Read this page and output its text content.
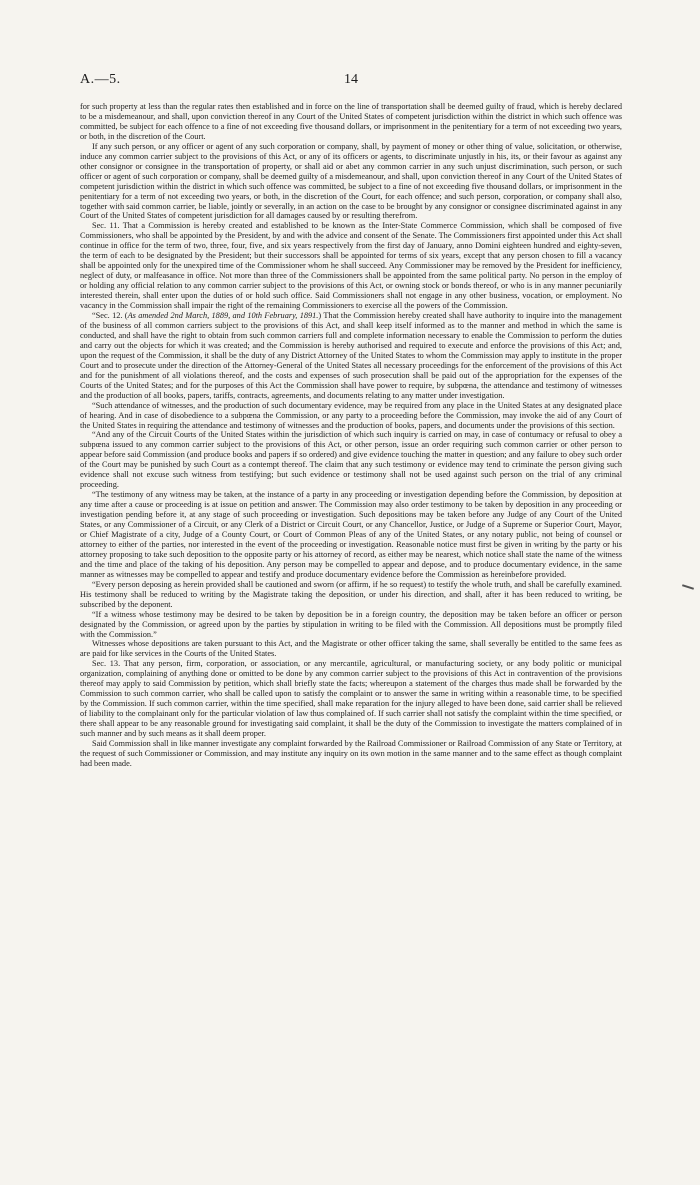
A.—5.	14

for such property at less than the regular rates then established and in force on the line of transportation shall be deemed guilty of fraud, which is hereby declared to be a misdemeanour, and shall, upon conviction thereof in any Court of the United States of competent jurisdiction within the district in which such offence was committed, be subject for each offence to a fine of not exceeding five thousand dollars, or imprisonment in the penitentiary for a term of not exceeding two years, or both, in the discretion of the Court.

If any such person, or any officer or agent of any such corporation or company, shall, by payment of money or other thing of value, solicitation, or otherwise, induce any common carrier subject to the provisions of this Act, or any of its officers or agents, to discriminate unjustly in his, its, or their favour as against any other consignor or consignee in the transportation of property, or shall aid or abet any common carrier in any such unjust discrimination, such person, or such officer or agent of such corporation or company, shall be deemed guilty of a misdemeanour, and shall, upon conviction thereof in any Court of the United States of competent jurisdiction within the district in which such offence was committed, be subject to a fine of not exceeding five thousand dollars, or imprisonment in the penitentiary for a term of not exceeding two years, or both, in the discretion of the Court, for each offence; and such person, corporation, or company shall also, together with said common carrier, be liable, jointly or severally, in an action on the case to be brought by any consignor or consignee discriminated against in any Court of the United States of competent jurisdiction for all damages caused by or resulting therefrom.

Sec. 11. That a Commission is hereby created and established to be known as the Inter-State Commerce Commission, which shall be composed of five Commissioners, who shall be appointed by the President, by and with the advice and consent of the Senate. The Commissioners first appointed under this Act shall continue in office for the term of two, three, four, five, and six years respectively from the first day of January, anno Domini eighteen hundred and eighty-seven, the term of each to be designated by the President; but their successors shall be appointed for terms of six years, except that any person chosen to fill a vacancy shall be appointed only for the unexpired time of the Commissioner whom he shall succeed. Any Commissioner may be removed by the President for inefficiency, neglect of duty, or malfeasance in office. Not more than three of the Commissioners shall be appointed from the same political party. No person in the employ of or holding any official relation to any common carrier subject to the provisions of this Act, or owning stock or bonds thereof, or who is in any manner pecuniarily interested therein, shall enter upon the duties of or hold such office. Said Commissioners shall not engage in any other business, vocation, or employment. No vacancy in the Commission shall impair the right of the remaining Commissioners to exercise all the powers of the Commission.

“Sec. 12. (As amended 2nd March, 1889, and 10th February, 1891.) That the Commission hereby created shall have authority to inquire into the management of the business of all common carriers subject to the provisions of this Act, and shall keep itself informed as to the manner and method in which the same is conducted, and shall have the right to obtain from such common carriers full and complete information necessary to enable the Commission to perform the duties and carry out the objects for which it was created; and the Commission is hereby authorised and required to execute and enforce the provisions of this Act; and, upon the request of the Commission, it shall be the duty of any District Attorney of the United States to whom the Commission may apply to institute in the proper Court and to prosecute under the direction of the Attorney-General of the United States all necessary proceedings for the enforcement of the provisions of this Act and for the punishment of all violations thereof, and the costs and expenses of such prosecution shall be paid out of the appropriation for the expenses of the Courts of the United States; and for the purposes of this Act the Commission shall have power to require, by subpœna, the attendance and testimony of witnesses and the production of all books, papers, tariffs, contracts, agreements, and documents relating to any matter under investigation.

“Such attendance of witnesses, and the production of such documentary evidence, may be required from any place in the United States at any designated place of hearing. And in case of disobedience to a subpœna the Commission, or any party to a proceeding before the Commission, may invoke the aid of any Court of the United States in requiring the attendance and testimony of witnesses and the production of books, papers, and documents under the provisions of this section.

“And any of the Circuit Courts of the United States within the jurisdiction of which such inquiry is carried on may, in case of contumacy or refusal to obey a subpœna issued to any common carrier subject to the provisions of this Act, or other person, issue an order requiring such common carrier or other person to appear before said Commission (and produce books and papers if so ordered) and give evidence touching the matter in question; and any failure to obey such order of the Court may be punished by such Court as a contempt thereof. The claim that any such testimony or evidence may tend to criminate the person giving such evidence shall not excuse such witness from testifying; but such evidence or testimony shall not be used against such person on the trial of any criminal proceeding.

“The testimony of any witness may be taken, at the instance of a party in any proceeding or investigation depending before the Commission, by deposition at any time after a cause or proceeding is at issue on petition and answer. The Commission may also order testimony to be taken by deposition in any proceeding or investigation pending before it, at any stage of such proceeding or investigation. Such depositions may be taken before any Judge of any Court of the United States, or any Commissioner of a Circuit, or any Clerk of a District or Circuit Court, or any Chancellor, Justice, or Judge of a Supreme or Superior Court, Mayor, or Chief Magistrate of a city, Judge of a County Court, or Court of Common Pleas of any of the United States, or any notary public, not being of counsel or attorney to either of the parties, nor interested in the event of the proceeding or investigation. Reasonable notice must first be given in writing by the party or his attorney proposing to take such deposition to the opposite party or his attorney of record, as either may be nearest, which notice shall state the name of the witness and the time and place of the taking of his deposition. Any person may be compelled to appear and depose, and to produce documentary evidence, in the same manner as witnesses may be compelled to appear and testify and produce documentary evidence before the Commission as hereinbefore provided.

“Every person deposing as herein provided shall be cautioned and sworn (or affirm, if he so request) to testify the whole truth, and shall be carefully examined. His testimony shall be reduced to writing by the Magistrate taking the deposition, or under his direction, and shall, after it has been reduced to writing, be subscribed by the deponent.

“If a witness whose testimony may be desired to be taken by deposition be in a foreign country, the deposition may be taken before an officer or person designated by the Commission, or agreed upon by the parties by stipulation in writing to be filed with the Commission. All depositions must be promptly filed with the Commission.”

Witnesses whose depositions are taken pursuant to this Act, and the Magistrate or other officer taking the same, shall severally be entitled to the same fees as are paid for like services in the Courts of the United States.

Sec. 13. That any person, firm, corporation, or association, or any mercantile, agricultural, or manufacturing society, or any body politic or municipal organization, complaining of anything done or omitted to be done by any common carrier subject to the provisions of this Act in contravention of the provisions thereof may apply to said Commission by petition, which shall briefly state the facts; whereupon a statement of the charges thus made shall be forwarded by the Commission to such common carrier, who shall be called upon to satisfy the complaint or to answer the same in writing within a reasonable time, to be specified by the Commission. If such common carrier, within the time specified, shall make reparation for the injury alleged to have been done, said carrier shall be relieved of liability to the complainant only for the particular violation of law thus complained of. If such carrier shall not satisfy the complaint within the time specified, or there shall appear to be any reasonable ground for investigating said complaint, it shall be the duty of the Commission to investigate the matters complained of in such manner and by such means as it shall deem proper.

Said Commission shall in like manner investigate any complaint forwarded by the Railroad Commissioner or Railroad Commission of any State or Territory, at the request of such Commissioner or Commission, and may institute any inquiry on its own motion in the same manner and to the same effect as though complaint had been made.
